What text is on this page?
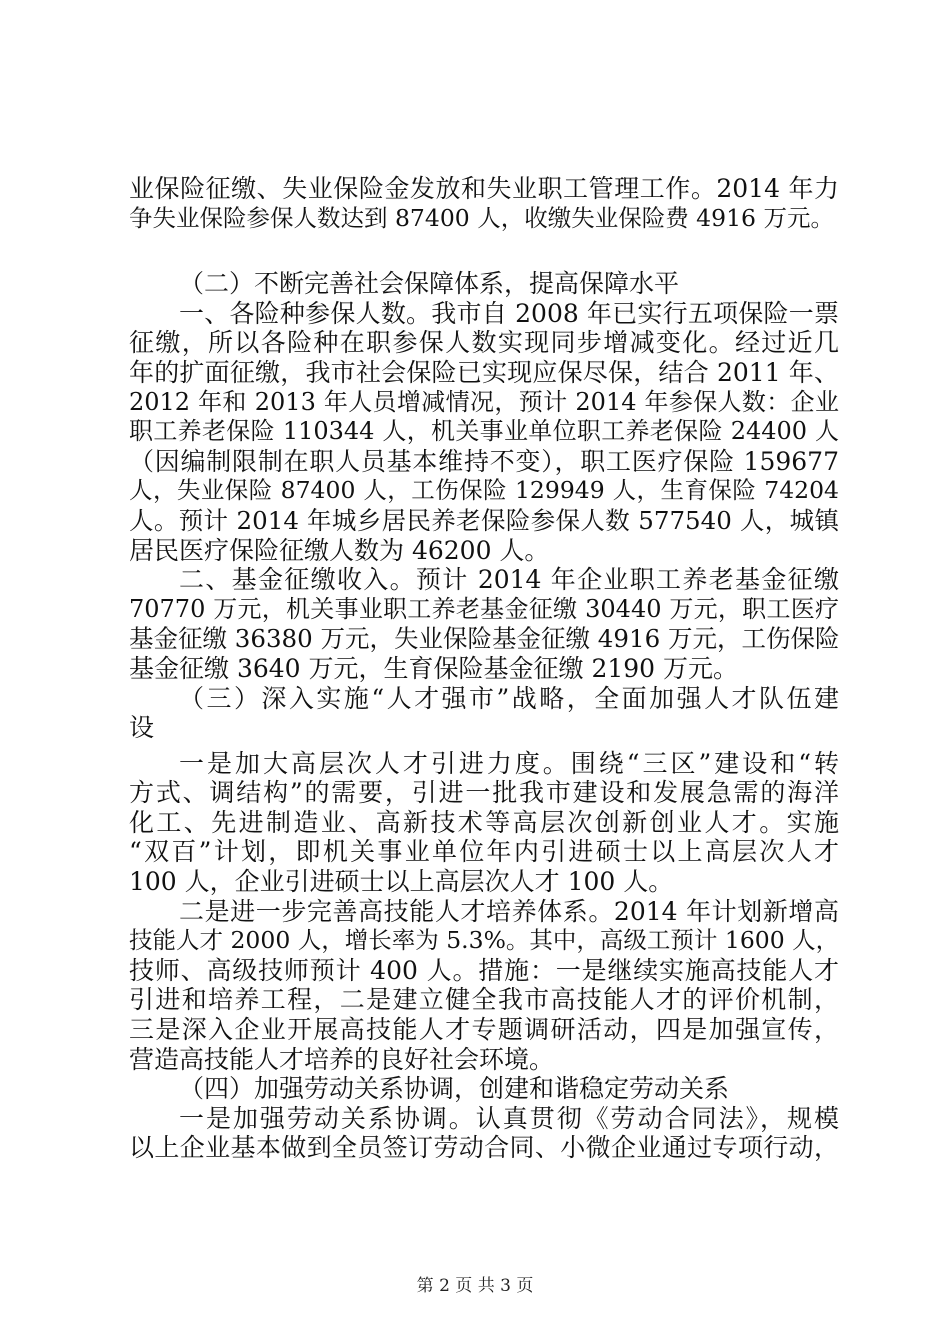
业保险征缴、失业保险金发放和失业职工管理工作。2014 年力
争失业保险参保人数达到 87400 人，收缴失业保险费 4916 万元。
（二）不断完善社会保障体系，提高保障水平
一、各险种参保人数。我市自 2008 年已实行五项保险一票
征缴，所以各险种在职参保人数实现同步增减变化。经过近几
年的扩面征缴，我市社会保险已实现应保尽保，结合 2011 年、
2012 年和 2013 年人员增减情况，预计 2014 年参保人数：企业
职工养老保险 110344 人，机关事业单位职工养老保险 24400 人
（因编制限制在职人员基本维持不变），职工医疗保险 159677
人，失业保险 87400 人，工伤保险 129949 人，生育保险 74204
人。预计 2014 年城乡居民养老保险参保人数 577540 人，城镇
居民医疗保险征缴人数为 46200 人。
二、基金征缴收入。预计 2014 年企业职工养老基金征缴
70770 万元，机关事业职工养老基金征缴 30440 万元，职工医疗
基金征缴 36380 万元，失业保险基金征缴 4916 万元，工伤保险
基金征缴 3640 万元，生育保险基金征缴 2190 万元。
（三）深入实施“人才强市”战略，全面加强人才队伍建
设
一是加大高层次人才引进力度。围绕“三区”建设和“转
方式、调结构”的需要，引进一批我市建设和发展急需的海洋
化工、先进制造业、高新技术等高层次创新创业人才。实施
“双百”计划，即机关事业单位年内引进硕士以上高层次人才
100 人，企业引进硕士以上高层次人才 100 人。
二是进一步完善高技能人才培养体系。2014 年计划新增高
技能人才 2000 人，增长率为 5.3%。其中，高级工预计 1600 人，
技师、高级技师预计 400 人。措施：一是继续实施高技能人才
引进和培养工程，二是建立健全我市高技能人才的评价机制，
三是深入企业开展高技能人才专题调研活动，四是加强宣传，
营造高技能人才培养的良好社会环境。
（四）加强劳动关系协调，创建和谐稳定劳动关系
一是加强劳动关系协调。认真贯彻《劳动合同法》，规模
以上企业基本做到全员签订劳动合同、小微企业通过专项行动，
第 2 页 共 3 页
